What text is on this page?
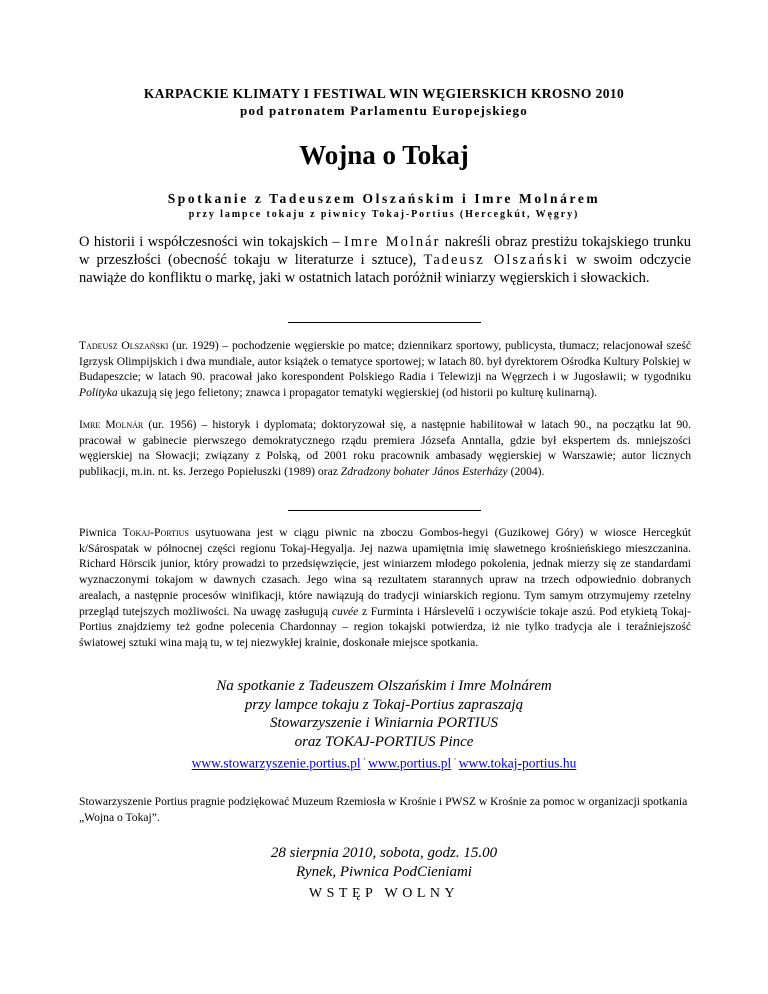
KARPACKIE KLIMATY I FESTIWAL WIN WĘGIERSKICH KROSNO 2010
pod patronatem Parlamentu Europejskiego
Wojna o Tokaj
Spotkanie z Tadeuszem Olszańskim i Imre Molnárem
przy lampce tokaju z piwnicy Tokaj-Portius (Hercegkút, Węgry)
O historii i współczesności win tokajskich – Imre Molnár nakreśli obraz prestiżu tokajskiego trunku w przeszłości (obecność tokaju w literaturze i sztuce), Tadeusz Olszański w swoim odczycie nawiąże do konfliktu o markę, jaki w ostatnich latach poróżnił winiarzy węgierskich i słowackich.
Tadeusz Olszański (ur. 1929) – pochodzenie węgierskie po matce; dziennikarz sportowy, publicysta, tłumacz; relacjonował sześć Igrzysk Olimpijskich i dwa mundiale, autor książek o tematyce sportowej; w latach 80. był dyrektorem Ośrodka Kultury Polskiej w Budapeszcie; w latach 90. pracował jako korespondent Polskiego Radia i Telewizji na Węgrzech i w Jugosławii; w tygodniku Polityka ukazują się jego felietony; znawca i propagator tematyki węgierskiej (od historii po kulturę kulinarną).
Imre Molnár (ur. 1956) – historyk i dyplomata; doktoryzował się, a następnie habilitował w latach 90., na początku lat 90. pracował w gabinecie pierwszego demokratycznego rządu premiera Józsefa Anntalla, gdzie był ekspertem ds. mniejszości węgierskiej na Słowacji; związany z Polską, od 2001 roku pracownik ambasady węgierskiej w Warszawie; autor licznych publikacji, m.in. nt. ks. Jerzego Popiełuszki (1989) oraz Zdradzony bohater János Esterházy (2004).
Piwnica Tokaj-Portius usytuowana jest w ciągu piwnic na zboczu Gombos-hegyi (Guzikowej Góry) w wiosce Hercegkút k/Sárospatak w północnej części regionu Tokaj-Hegyalja. Jej nazwa upamiętnia imię sławetnego krośnieńskiego mieszczanina. Richard Hörscik junior, który prowadzi to przedsięwzięcie, jest winiarzem młodego pokolenia, jednak mierzy się ze standardami wyznaczonymi tokajom w dawnych czasach. Jego wina są rezultatem starannych upraw na trzech odpowiednio dobranych arealach, a następnie procesów winifikacji, które nawiązują do tradycji winiarskich regionu. Tym samym otrzymujemy rzetelny przegląd tutejszych możliwości. Na uwagę zasługują cuvée z Furminta i Hárslevelű i oczywiście tokaje aszú. Pod etykietą Tokaj-Portius znajdziemy też godne polecenia Chardonnay – region tokajski potwierdza, iż nie tylko tradycja ale i teraźniejszość światowej sztuki wina mają tu, w tej niezwykłej krainie, doskonałe miejsce spotkania.
Na spotkanie z Tadeuszem Olszańskim i Imre Molnárem
przy lampce tokaju z Tokaj-Portius zapraszają
Stowarzyszenie i Winiarnia PORTIUS
oraz TOKAJ-PORTIUS Pince
www.stowarzyszenie.portius.pl · www.portius.pl · www.tokaj-portius.hu
Stowarzyszenie Portius pragnie podziękować Muzeum Rzemiosła w Krośnie i PWSZ w Krośnie za pomoc w organizacji spotkania „Wojna o Tokaj”.
28 sierpnia 2010, sobota, godz. 15.00
Rynek, Piwnica PodCieniami
WSTĘP WOLNY
